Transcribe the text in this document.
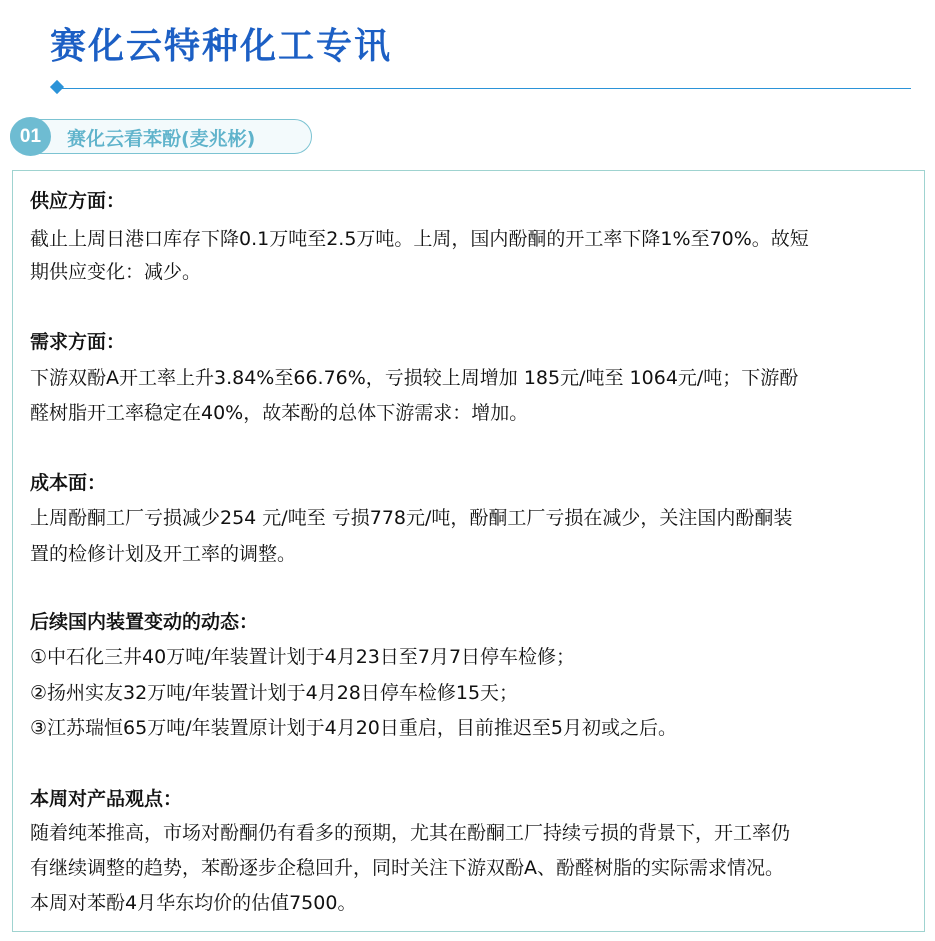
赛化云特种化工专讯
01	赛化云看苯酚(麦兆彬)
供应方面：
截止上周日港口库存下降0.1万吨至2.5万吨。上周，国内酚酮的开工率下降1%至70%。故短
期供应变化：减少。
需求方面：
下游双酚A开工率上升3.84%至66.76%，亏损较上周增加 185元/吨至 1064元/吨；下游酚
醛树脂开工率稳定在40%，故苯酚的总体下游需求：增加。
成本面：
上周酚酮工厂亏损减少254 元/吨至 亏损778元/吨，酚酮工厂亏损在减少，关注国内酚酮装
置的检修计划及开工率的调整。
后续国内装置变动的动态：
①中石化三井40万吨/年装置计划于4月23日至7月7日停车检修；
②扬州实友32万吨/年装置计划于4月28日停车检修15天；
③江苏瑞恒65万吨/年装置原计划于4月20日重启，目前推迟至5月初或之后。
本周对产品观点：
随着纯苯推高，市场对酚酮仍有看多的预期，尤其在酚酮工厂持续亏损的背景下，开工率仍
有继续调整的趋势，苯酚逐步企稳回升，同时关注下游双酚A、酚醛树脂的实际需求情况。
本周对苯酚4月华东均价的估值7500。
